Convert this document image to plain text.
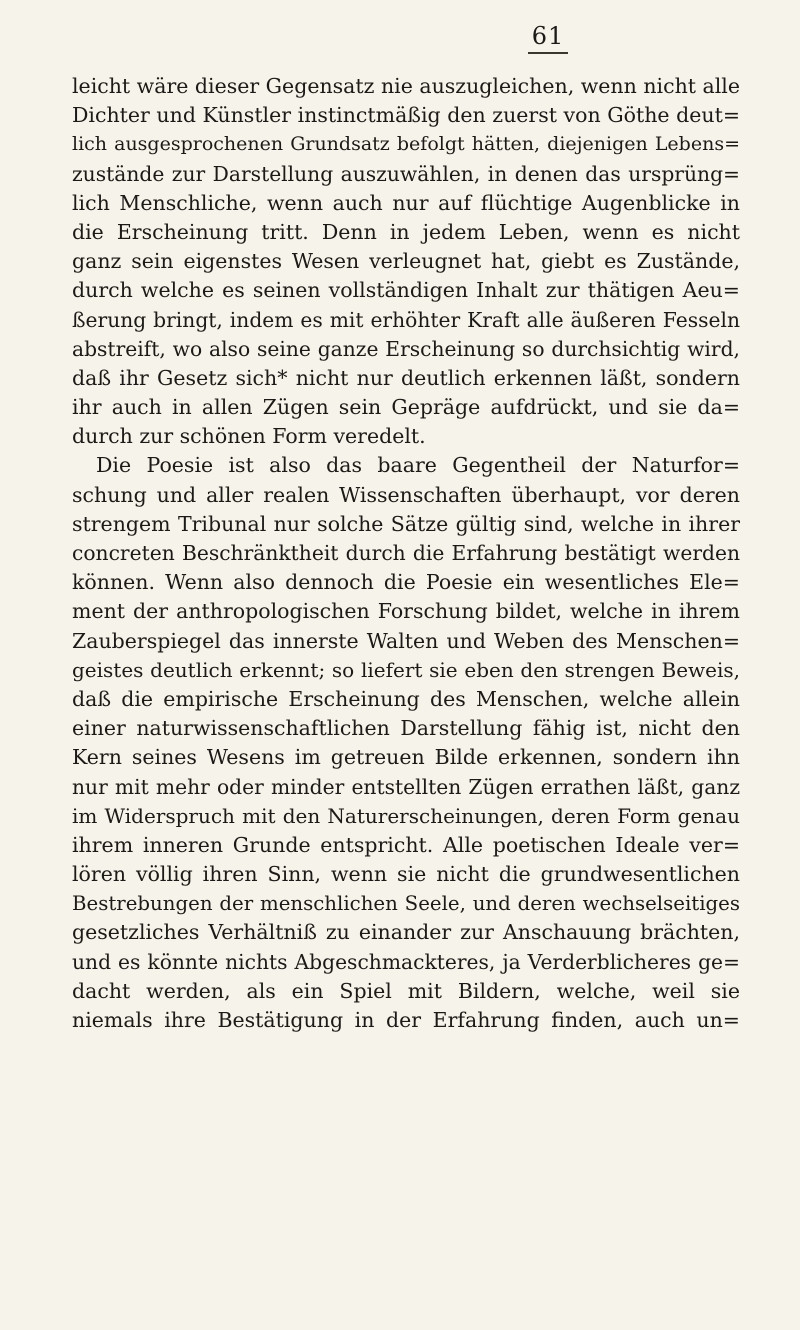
61
leicht wäre dieser Gegensatz nie auszugleichen, wenn nicht alle
Dichter und Künstler instinctmäßig den zuerst von Göthe deut=
lich ausgesprochenen Grundsatz befolgt hätten, diejenigen Lebens=
zustände zur Darstellung auszuwählen, in denen das ursprüng=
lich Menschliche, wenn auch nur auf flüchtige Augenblicke in
die Erscheinung tritt. Denn in jedem Leben, wenn es nicht
ganz sein eigenstes Wesen verleugnet hat, giebt es Zustände,
durch welche es seinen vollständigen Inhalt zur thätigen Aeu=
ßerung bringt, indem es mit erhöhter Kraft alle äußeren Fesseln
abstreift, wo also seine ganze Erscheinung so durchsichtig wird,
daß ihr Gesetz sich* nicht nur deutlich erkennen läßt, sondern
ihr auch in allen Zügen sein Gepräge aufdrückt, und sie da=
durch zur schönen Form veredelt.
Die Poesie ist also das baare Gegentheil der Naturfor=
schung und aller realen Wissenschaften überhaupt, vor deren
strengem Tribunal nur solche Sätze gültig sind, welche in ihrer
concreten Beschränktheit durch die Erfahrung bestätigt werden
können. Wenn also dennoch die Poesie ein wesentliches Ele=
ment der anthropologischen Forschung bildet, welche in ihrem
Zauberspiegel das innerste Walten und Weben des Menschen=
geistes deutlich erkennt; so liefert sie eben den strengen Beweis,
daß die empirische Erscheinung des Menschen, welche allein
einer naturwissenschaftlichen Darstellung fähig ist, nicht den
Kern seines Wesens im getreuen Bilde erkennen, sondern ihn
nur mit mehr oder minder entstellten Zügen errathen läßt, ganz
im Widerspruch mit den Naturerscheinungen, deren Form genau
ihrem inneren Grunde entspricht. Alle poetischen Ideale ver=
lören völlig ihren Sinn, wenn sie nicht die grundwesentlichen
Bestrebungen der menschlichen Seele, und deren wechselseitiges
gesetzliches Verhältniß zu einander zur Anschauung brächten,
und es könnte nichts Abgeschmackteres, ja Verderblicheres ge=
dacht werden, als ein Spiel mit Bildern, welche, weil sie
niemals ihre Bestätigung in der Erfahrung finden, auch un=
